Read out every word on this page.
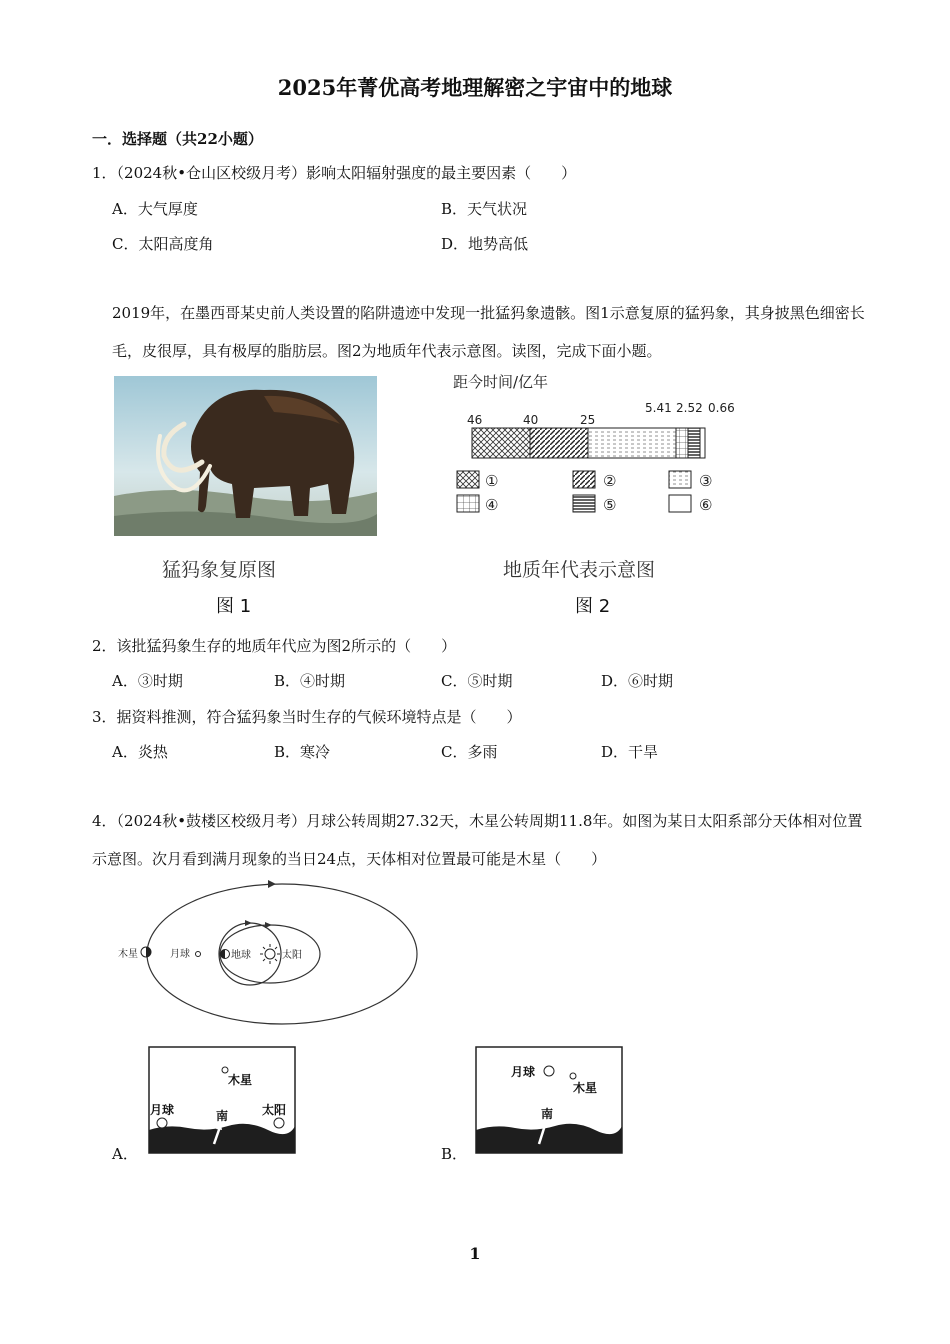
2025年菁优高考地理解密之宇宙中的地球
一．选择题（共22小题）
1．（2024秋•仓山区校级月考）影响太阳辐射强度的最主要因素（　　）
A．大气厚度	B．天气状况
C．太阳高度角	D．地势高低
2019年，在墨西哥某史前人类设置的陷阱遗迹中发现一批猛犸象遗骸。图1示意复原的猛犸象，其身披黑色细密长毛，皮很厚，具有极厚的脂肪层。图2为地质年代表示意图。读图，完成下面小题。
猛犸象复原图
图 1
距今时间/亿年
46	40	25
5.41 2.52 0.66
①	②	③
④	⑤	⑥
地质年代表示意图
图 2
2．该批猛犸象生存的地质年代应为图2所示的（　　）
A．③时期	B．④时期	C．⑤时期	D．⑥时期
3．据资料推测，符合猛犸象当时生存的气候环境特点是（　　）
A．炎热	B．寒冷	C．多雨	D．干旱
4．（2024秋•鼓楼区校级月考）月球公转周期27.32天，木星公转周期11.8年。如图为某日太阳系部分天体相对位置示意图。次月看到满月现象的当日24点，天体相对位置最可能是木星（　　）
木星	月球	地球	太阳
A．
木星
月球	太阳
南
B．
月球
木星
南
1
